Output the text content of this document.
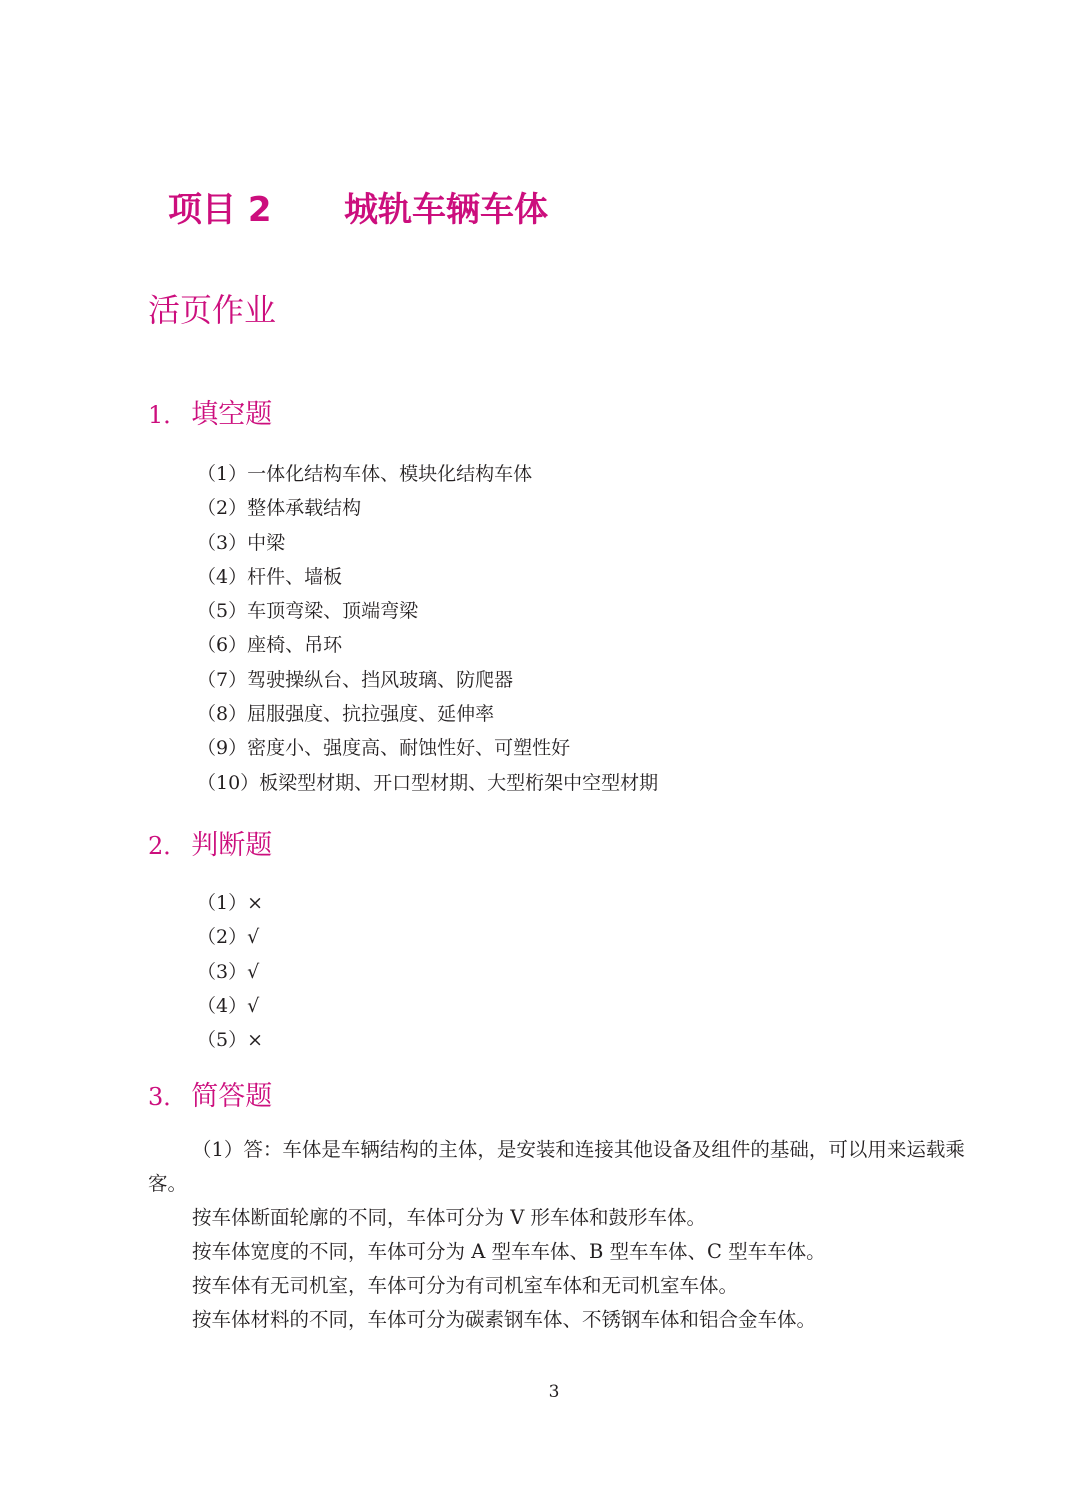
项目 2 城轨车辆车体
活页作业
1． 填空题
（1）一体化结构车体、模块化结构车体
（2）整体承载结构
（3）中梁
（4）杆件、墙板
（5）车顶弯梁、顶端弯梁
（6）座椅、吊环
（7）驾驶操纵台、挡风玻璃、防爬器
（8）屈服强度、抗拉强度、延伸率
（9）密度小、强度高、耐蚀性好、可塑性好
（10）板梁型材期、开口型材期、大型桁架中空型材期
2． 判断题
（1）×
（2）√
（3）√
（4）√
（5）×
3． 简答题

（1）答：车体是车辆结构的主体，是安装和连接其他设备及组件的基础，可以用来运载乘客。

按车体断面轮廓的不同，车体可分为 V 形车体和鼓形车体。

按车体宽度的不同，车体可分为 A 型车车体、B 型车车体、C 型车车体。

按车体有无司机室，车体可分为有司机室车体和无司机室车体。

按车体材料的不同，车体可分为碳素钢车体、不锈钢车体和铝合金车体。

3
